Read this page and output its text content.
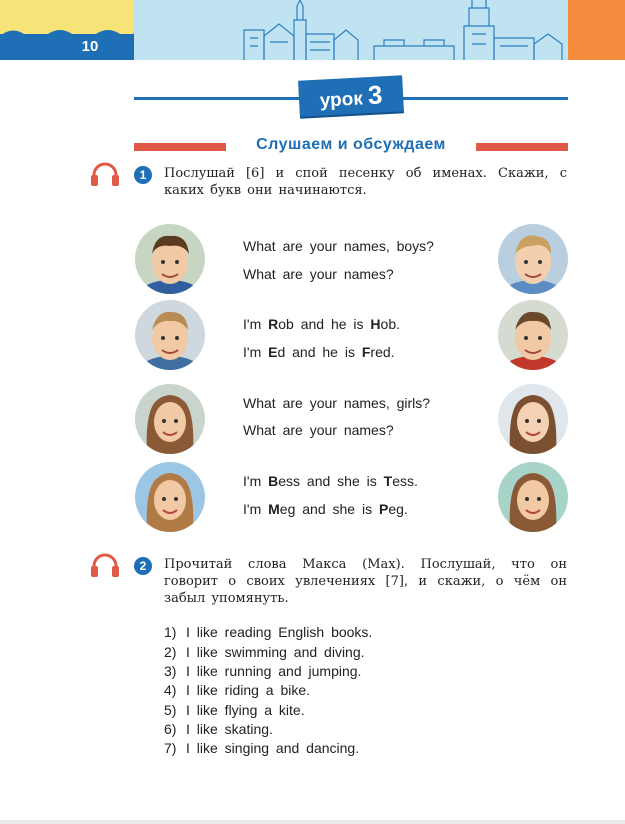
10
урок 3
Слушаем и обсуждаем
1	Послушай [6] и спой песенку об именах. Скажи, с каких букв они начинаются.
What are your names, boys?
What are your names?
I'm Rob and he is Hob.
I'm Ed and he is Fred.
What are your names, girls?
What are your names?
I'm Bess and she is Tess.
I'm Meg and she is Peg.
2	Прочитай слова Макса (Max). Послушай, что он говорит о своих увлечениях [7], и скажи, о чём он забыл упомянуть.
1) I like reading English books.
2) I like swimming and diving.
3) I like running and jumping.
4) I like riding a bike.
5) I like flying a kite.
6) I like skating.
7) I like singing and dancing.
